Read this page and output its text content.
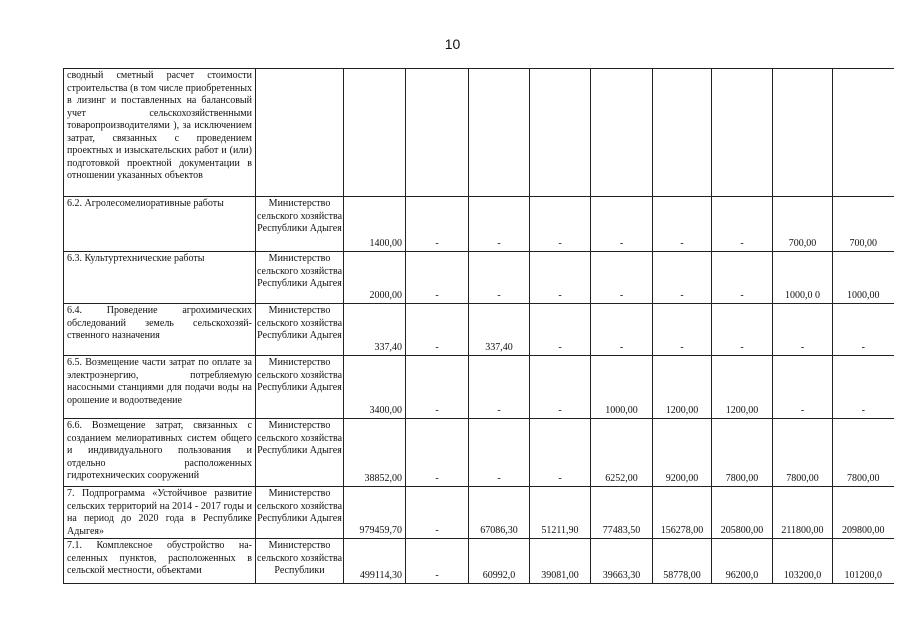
10
сводный сметный расчет стоимости строительства (в том числе приобретенных в лизинг и поставленных на балансовый учет сельскохозяйственными товаропроизводителями ), за исключением затрат, связанных с проведением проектных и изыскательских работ и (или) подготовкой проектной документации в отношении указанных объектов										
6.2. Агролесомелиоративные работы	Министерство сельского хозяйства Республики Адыгея	1400,00	-	-	-	-	-	-	700,00	700,00
6.3. Культуртехнические работы	Министерство сельского хозяйства Республики Адыгея	2000,00	-	-	-	-	-	-	1000,0 0	1000,00
6.4. Проведение агрохимических обследований земель сельскохозяйственного назначения	Министерство сельского хозяйства Республики Адыгея	337,40	-	337,40	-	-	-	-	-	-
6.5. Возмещение части затрат по оплате за электроэнергию, потребляемую насосными станциями для подачи воды на орошение и водоотведение	Министерство сельского хозяйства Республики Адыгея	3400,00	-	-	-	1000,00	1200,00	1200,00	-	-
6.6. Возмещение затрат, связанных с созданием мелиоративных систем общего и индивидуального пользования и отдельно расположенных гидротехнических сооружений	Министерство сельского хозяйства Республики Адыгея	38852,00	-	-	-	6252,00	9200,00	7800,00	7800,00	7800,00
7. Подпрограмма «Устойчивое развитие сельских территорий на 2014 - 2017 годы и на период до 2020 года в Республике Адыгея»	Министерство сельского хозяйства Республики Адыгея	979459,70	-	67086,30	51211,90	77483,50	156278,00	205800,00	211800,00	209800,00
7.1. Комплексное обустройство населенных пунктов, расположенных в сельской местности, объектами	Министерство сельского хозяйства Республики	499114,30	-	60992,0	39081,00	39663,30	58778,00	96200,0	103200,0	101200,0
